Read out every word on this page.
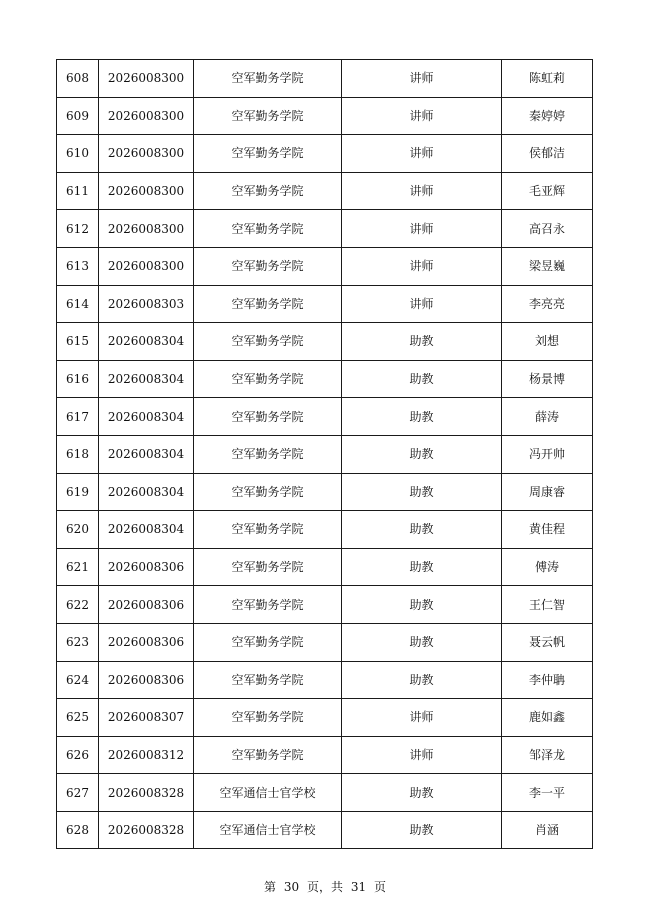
608	2026008300	空军勤务学院	讲师	陈虹莉
609	2026008300	空军勤务学院	讲师	秦婷婷
610	2026008300	空军勤务学院	讲师	侯郁洁
611	2026008300	空军勤务学院	讲师	毛亚辉
612	2026008300	空军勤务学院	讲师	高召永
613	2026008300	空军勤务学院	讲师	梁昱巍
614	2026008303	空军勤务学院	讲师	李亮亮
615	2026008304	空军勤务学院	助教	刘想
616	2026008304	空军勤务学院	助教	杨景博
617	2026008304	空军勤务学院	助教	薛涛
618	2026008304	空军勤务学院	助教	冯开帅
619	2026008304	空军勤务学院	助教	周康睿
620	2026008304	空军勤务学院	助教	黄佳程
621	2026008306	空军勤务学院	助教	傅涛
622	2026008306	空军勤务学院	助教	王仁智
623	2026008306	空军勤务学院	助教	聂云帆
624	2026008306	空军勤务学院	助教	李仲聃
625	2026008307	空军勤务学院	讲师	鹿如鑫
626	2026008312	空军勤务学院	讲师	邹泽龙
627	2026008328	空军通信士官学校	助教	李一平
628	2026008328	空军通信士官学校	助教	肖涵
第 30 页，共 31 页
